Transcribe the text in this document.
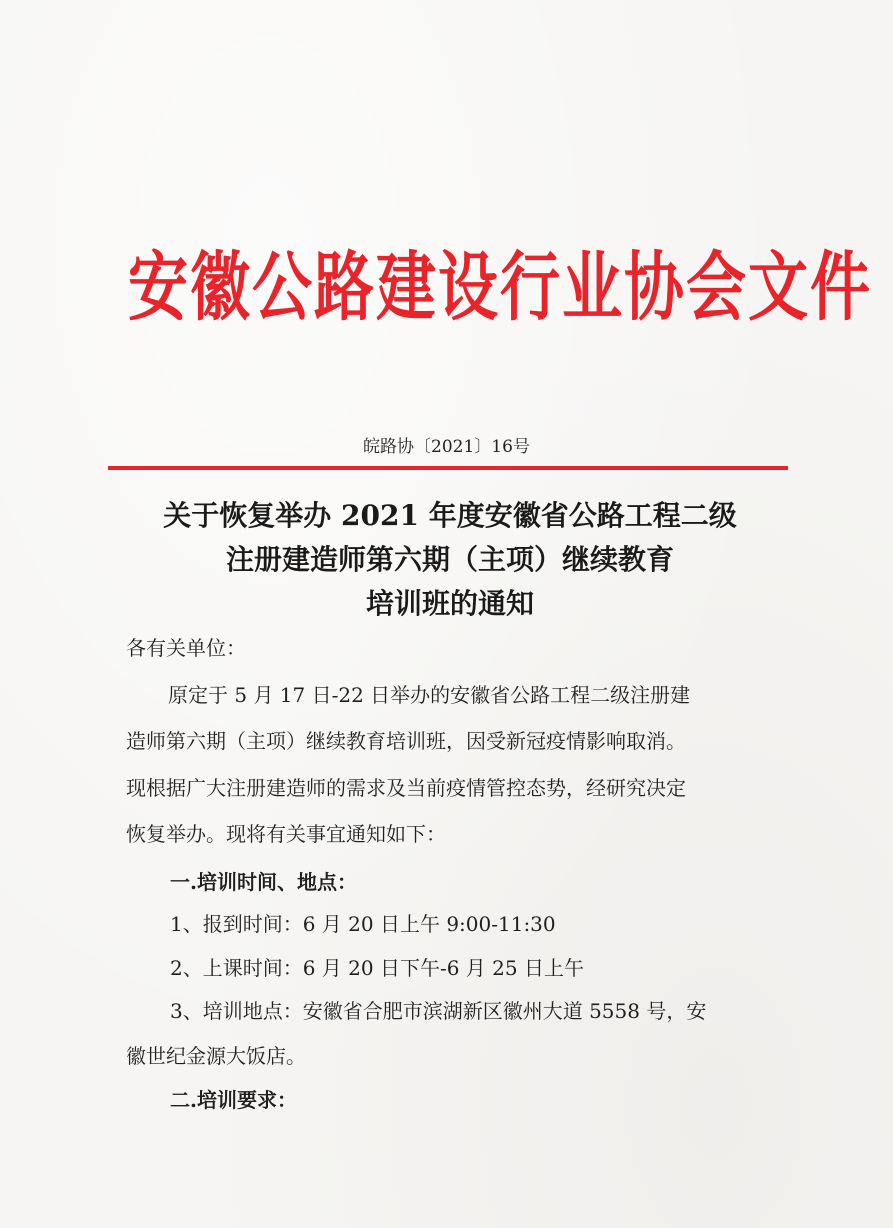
安徽公路建设行业协会文件
皖路协〔2021〕16号
关于恢复举办 2021 年度安徽省公路工程二级
注册建造师第六期（主项）继续教育
培训班的通知
各有关单位：
原定于 5 月 17 日-22 日举办的安徽省公路工程二级注册建
造师第六期（主项）继续教育培训班，因受新冠疫情影响取消。
现根据广大注册建造师的需求及当前疫情管控态势，经研究决定
恢复举办。现将有关事宜通知如下：
一.培训时间、地点：
1、报到时间：6 月 20 日上午 9:00-11:30
2、上课时间：6 月 20 日下午-6 月 25 日上午
3、培训地点：安徽省合肥市滨湖新区徽州大道 5558 号，安
徽世纪金源大饭店。
二.培训要求：
